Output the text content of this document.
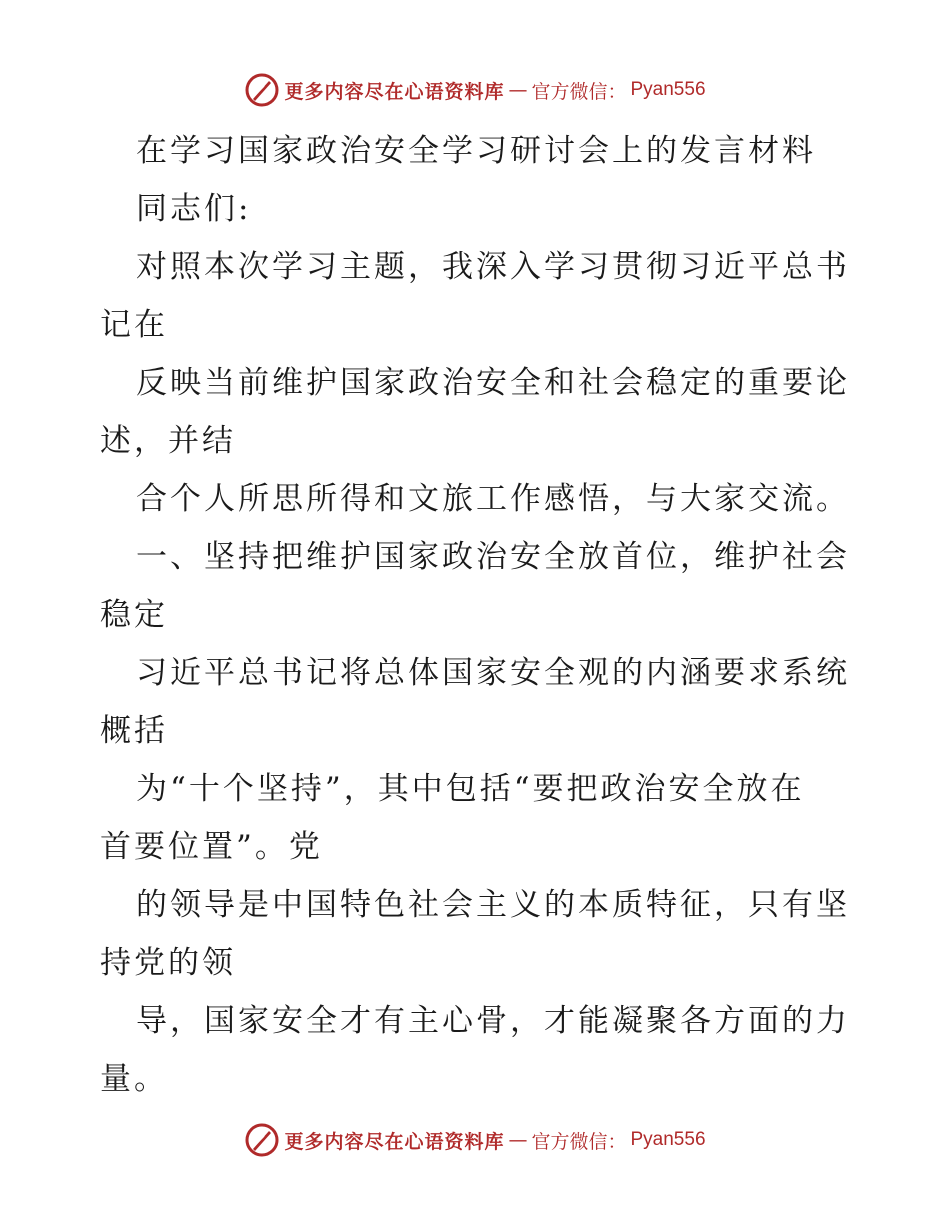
更多内容尽在心语资料库 — 官方微信： Pyan556
在学习国家政治安全学习研讨会上的发言材料
同志们:
对照本次学习主题，我深入学习贯彻习近平总书
记在
反映当前维护国家政治安全和社会稳定的重要论
述，并结
合个人所思所得和文旅工作感悟，与大家交流。
一、坚持把维护国家政治安全放首位，维护社会
稳定
习近平总书记将总体国家安全观的内涵要求系统
概括
为“十个坚持”，其中包括“要把政治安全放在
首要位置”。党
的领导是中国特色社会主义的本质特征，只有坚
持党的领
导，国家安全才有主心骨，才能凝聚各方面的力
量。
更多内容尽在心语资料库 — 官方微信： Pyan556
